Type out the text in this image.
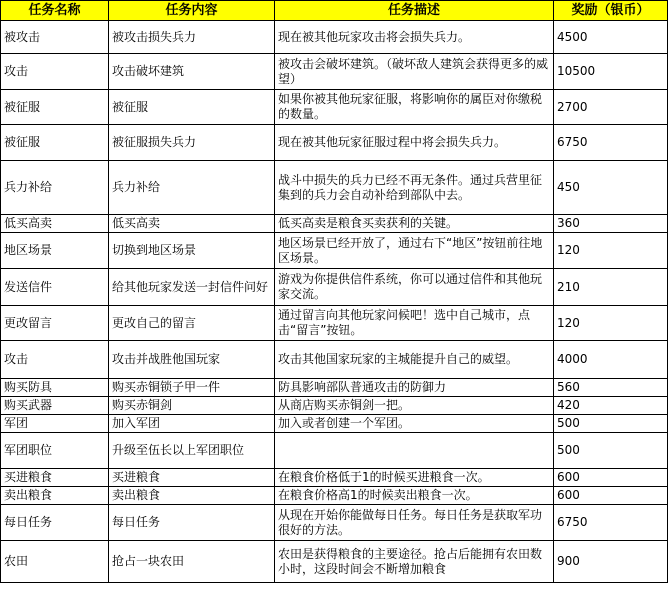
任务名称	任务内容	任务描述	奖励（银币）
被攻击	被攻击损失兵力	现在被其他玩家攻击将会损失兵力。	4500
攻击	攻击破坏建筑	被攻击会破坏建筑。（破坏敌人建筑会获得更多的威望）	10500
被征服	被征服	如果你被其他玩家征服，将影响你的属臣对你缴税的数量。	2700
被征服	被征服损失兵力	现在被其他玩家征服过程中将会损失兵力。	6750
兵力补给	兵力补给	战斗中损失的兵力已经不再无条件。通过兵营里征集到的兵力会自动补给到部队中去。	450
低买高卖	低买高卖	低买高卖是粮食买卖获利的关键。	360
地区场景	切换到地区场景	地区场景已经开放了，通过右下“地区”按钮前往地区场景。	120
发送信件	给其他玩家发送一封信件问好	游戏为你提供信件系统，你可以通过信件和其他玩家交流。	210
更改留言	更改自己的留言	通过留言向其他玩家问候吧！选中自己城市，点击“留言”按钮。	120
攻击	攻击并战胜他国玩家	攻击其他国家玩家的主城能提升自己的威望。	4000
购买防具	购买赤铜锁子甲一件	防具影响部队普通攻击的防御力	560
购买武器	购买赤铜剑	从商店购买赤铜剑一把。	420
军团	加入军团	加入或者创建一个军团。	500
军团职位	升级至伍长以上军团职位		500
买进粮食	买进粮食	在粮食价格低于1的时候买进粮食一次。	600
卖出粮食	卖出粮食	在粮食价格高1的时候卖出粮食一次。	600
每日任务	每日任务	从现在开始你能做每日任务。每日任务是获取军功很好的方法。	6750
农田	抢占一块农田	农田是获得粮食的主要途径。抢占后能拥有农田数小时，这段时间会不断增加粮食	900
